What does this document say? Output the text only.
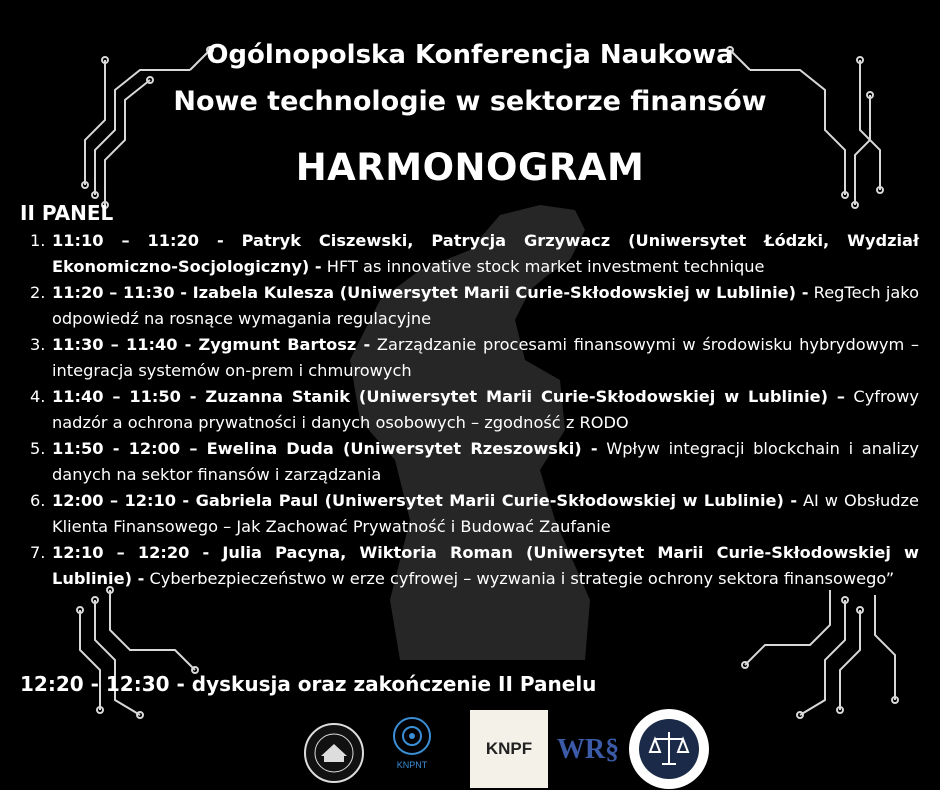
Ogólnopolska Konferencja Naukowa
Nowe technologie w sektorze finansów
HARMONOGRAM
II PANEL
1. 11:10 – 11:20 - Patryk Ciszewski, Patrycja Grzywacz (Uniwersytet Łódzki, Wydział Ekonomiczno-Socjologiczny) - HFT as innovative stock market investment technique
2. 11:20 – 11:30 - Izabela Kulesza (Uniwersytet Marii Curie-Skłodowskiej w Lublinie) - RegTech jako odpowiedź na rosnące wymagania regulacyjne
3. 11:30 – 11:40 - Zygmunt Bartosz - Zarządzanie procesami finansowymi w środowisku hybrydowym – integracja systemów on-prem i chmurowych
4. 11:40 – 11:50 - Zuzanna Stanik (Uniwersytet Marii Curie-Skłodowskiej w Lublinie) – Cyfrowy nadzór a ochrona prywatności i danych osobowych – zgodność z RODO
5. 11:50 - 12:00 – Ewelina Duda (Uniwersytet Rzeszowski) - Wpływ integracji blockchain i analizy danych na sektor finansów i zarządzania
6. 12:00 – 12:10 - Gabriela Paul (Uniwersytet Marii Curie-Skłodowskiej w Lublinie) - AI w Obsłudze Klienta Finansowego – Jak Zachować Prywatność i Budować Zaufanie
7. 12:10 – 12:20 - Julia Pacyna, Wiktoria Roman (Uniwersytet Marii Curie-Skłodowskiej w Lublinie) - Cyberbezpieczeństwo w erze cyfrowej – wyzwania i strategie ochrony sektora finansowego”
12:20 - 12:30 - dyskusja oraz zakończenie II Panelu
KNPNT
KNPF WR§
